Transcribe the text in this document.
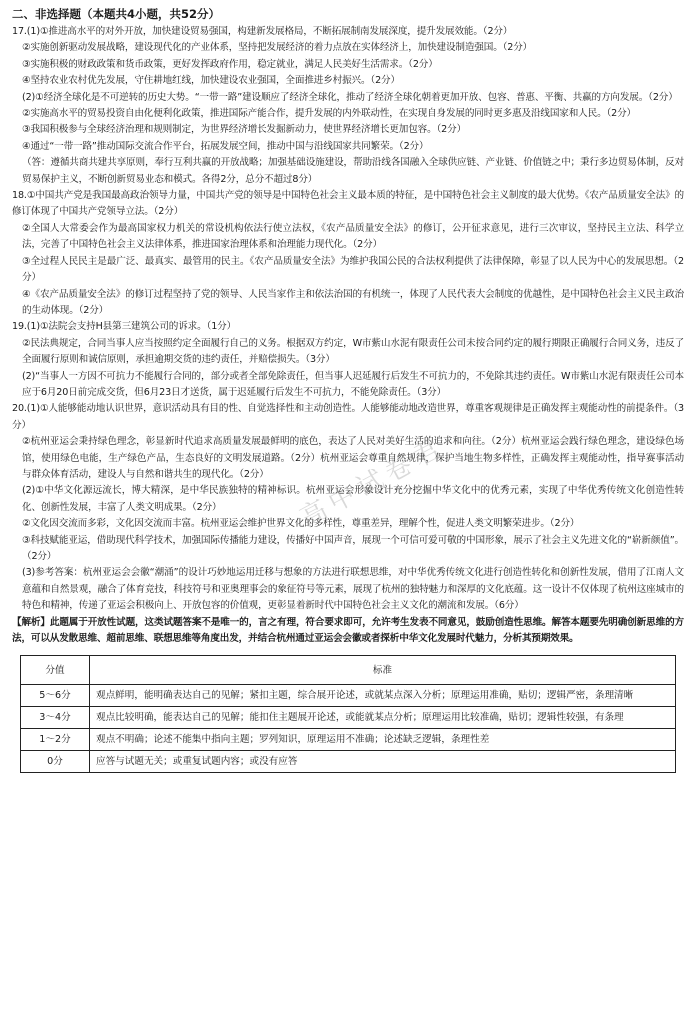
二、非选择题（本题共4小题，共52分）

17.(1)①推进高水平的对外开放，加快建设贸易强国，构建新发展格局，不断拓展制南发展深度，提升发展效能。（2分）

②实施创新驱动发展战略，建设现代化的产业体系，坚持把发展经济的着力点放在实体经济上，加快建设制造强国。（2分）

③实施积极的财政政策和货币政策，更好发挥政府作用，稳定就业，满足人民美好生活需求。（2分）

④坚持农业农村优先发展，守住耕地红线，加快建设农业强国，全面推进乡村振兴。（2分）

(2)①经济全球化是不可逆转的历史大势。“一带一路”建设顺应了经济全球化，推动了经济全球化朝着更加开放、包容、普惠、平衡、共赢的方向发展。（2分）

②实施高水平的贸易投资自由化便利化政策，推进国际产能合作，提升发展的内外联动性，在实现自身发展的同时更多惠及沿线国家和人民。（2分）

③我国积极参与全球经济治理和规则制定，为世界经济增长发掘新动力，使世界经济增长更加包容。（2分）

④通过“一带一路”推动国际交流合作平台，拓展发展空间，推动中国与沿线国家共同繁荣。（2分）

（答：遵循共商共建共享原则，奉行互利共赢的开放战略；加强基础设施建设，帮助沿线各国融入全球供应链、产业链、价值链之中；秉行多边贸易体制，反对贸易保护主义，不断创新贸易业态和模式。各得2分，总分不超过8分）

18.①中国共产党是我国最高政治领导力量，中国共产党的领导是中国特色社会主义最本质的特征，是中国特色社会主义制度的最大优势。《农产品质量安全法》的修订体现了中国共产党领导立法。（2分）

②全国人大常委会作为最高国家权力机关的常设机构依法行使立法权，《农产品质量安全法》的修订，公开征求意见，进行三次审议，坚持民主立法、科学立法，完善了中国特色社会主义法律体系，推进国家治理体系和治理能力现代化。（2分）

③全过程人民民主是最广泛、最真实、最管用的民主。《农产品质量安全法》为维护我国公民的合法权利提供了法律保障，彰显了以人民为中心的发展思想。（2分）

④《农产品质量安全法》的修订过程坚持了党的领导、人民当家作主和依法治国的有机统一，体现了人民代表大会制度的优越性，是中国特色社会主义民主政治的生动体现。（2分）

19.(1)①法院会支持H县第三建筑公司的诉求。（1分）

②民法典规定，合同当事人应当按照约定全面履行自己的义务。根据双方约定，W市紫山水泥有限责任公司未按合同约定的履行期限正确履行合同义务，违反了全面履行原则和诚信原则，承担逾期交货的违约责任，并赔偿损失。（3分）

(2)“当事人一方因不可抗力不能履行合同的，部分或者全部免除责任，但当事人迟延履行后发生不可抗力的，不免除其违约责任。W市紫山水泥有限责任公司本应于6月20日前完成交货，但6月23日才送货，属于迟延履行后发生不可抗力，不能免除责任。（3分）

20.(1)①人能够能动地认识世界，意识活动具有目的性、自觉选择性和主动创造性。人能够能动地改造世界，尊重客观规律是正确发挥主观能动性的前提条件。（3分）

②杭州亚运会秉持绿色理念，彰显新时代追求高质量发展最鲜明的底色，表达了人民对美好生活的追求和向往。（2分）杭州亚运会践行绿色理念，建设绿色场馆，使用绿色电能，生产绿色产品，生态良好的文明发展道路。（2分）杭州亚运会尊重自然规律，保护当地生物多样性，正确发挥主观能动性，指导赛事活动与群众体育活动，建设人与自然和谐共生的现代化。（2分）

(2)①中华文化源远流长，博大精深，是中华民族独特的精神标识。杭州亚运会形象设计充分挖掘中华文化中的优秀元素，实现了中华优秀传统文化创造性转化、创新性发展，丰富了人类文明成果。（2分）

②文化因交流而多彩，文化因交流而丰富。杭州亚运会维护世界文化的多样性，尊重差异，理解个性，促进人类文明繁荣进步。（2分）

③科技赋能亚运，借助现代科学技术，加强国际传播能力建设，传播好中国声音，展现一个可信可爱可敬的中国形象，展示了社会主义先进文化的“崭新颜值”。（2分）

(3)参考答案：杭州亚运会会徽“潮涌”的设计巧妙地运用迁移与想象的方法进行联想思维，对中华优秀传统文化进行创造性转化和创新性发展，借用了江南人文意蕴和自然景观，融合了体育竞技，科技符号和亚奥理事会的象征符号等元素，展现了杭州的独特魅力和深厚的文化底蕴。这一设计不仅体现了杭州这座城市的特色和精神，传递了亚运会积极向上、开放包容的价值观，更彰显着新时代中国特色社会主义文化的潮流和发展。（6分）

【解析】此题属于开放性试题，这类试题答案不是唯一的，言之有理，符合要求即可，允许考生发表不同意见，鼓励创造性思维。解答本题要先明确创新思维的方法，可以从发散思维、超前思维、联想思维等角度出发，并结合杭州通过亚运会会徽或者探析中华文化发展时代魅力，分析其预期效果。

分值	标准
5～6分	观点鲜明，能明确表达自己的见解；紧扣主题，综合展开论述，或就某点深入分析；原理运用准确，贴切；逻辑严密，条理清晰
3～4分	观点比较明确，能表达自己的见解；能扣住主题展开论述，或能就某点分析；原理运用比较准确，贴切；逻辑性较强，有条理
1～2分	观点不明确；论述不能集中指向主题；罗列知识，原理运用不准确；论述缺乏逻辑，条理性差
0分	应答与试题无关；或重复试题内容；或没有应答
高中试卷君
